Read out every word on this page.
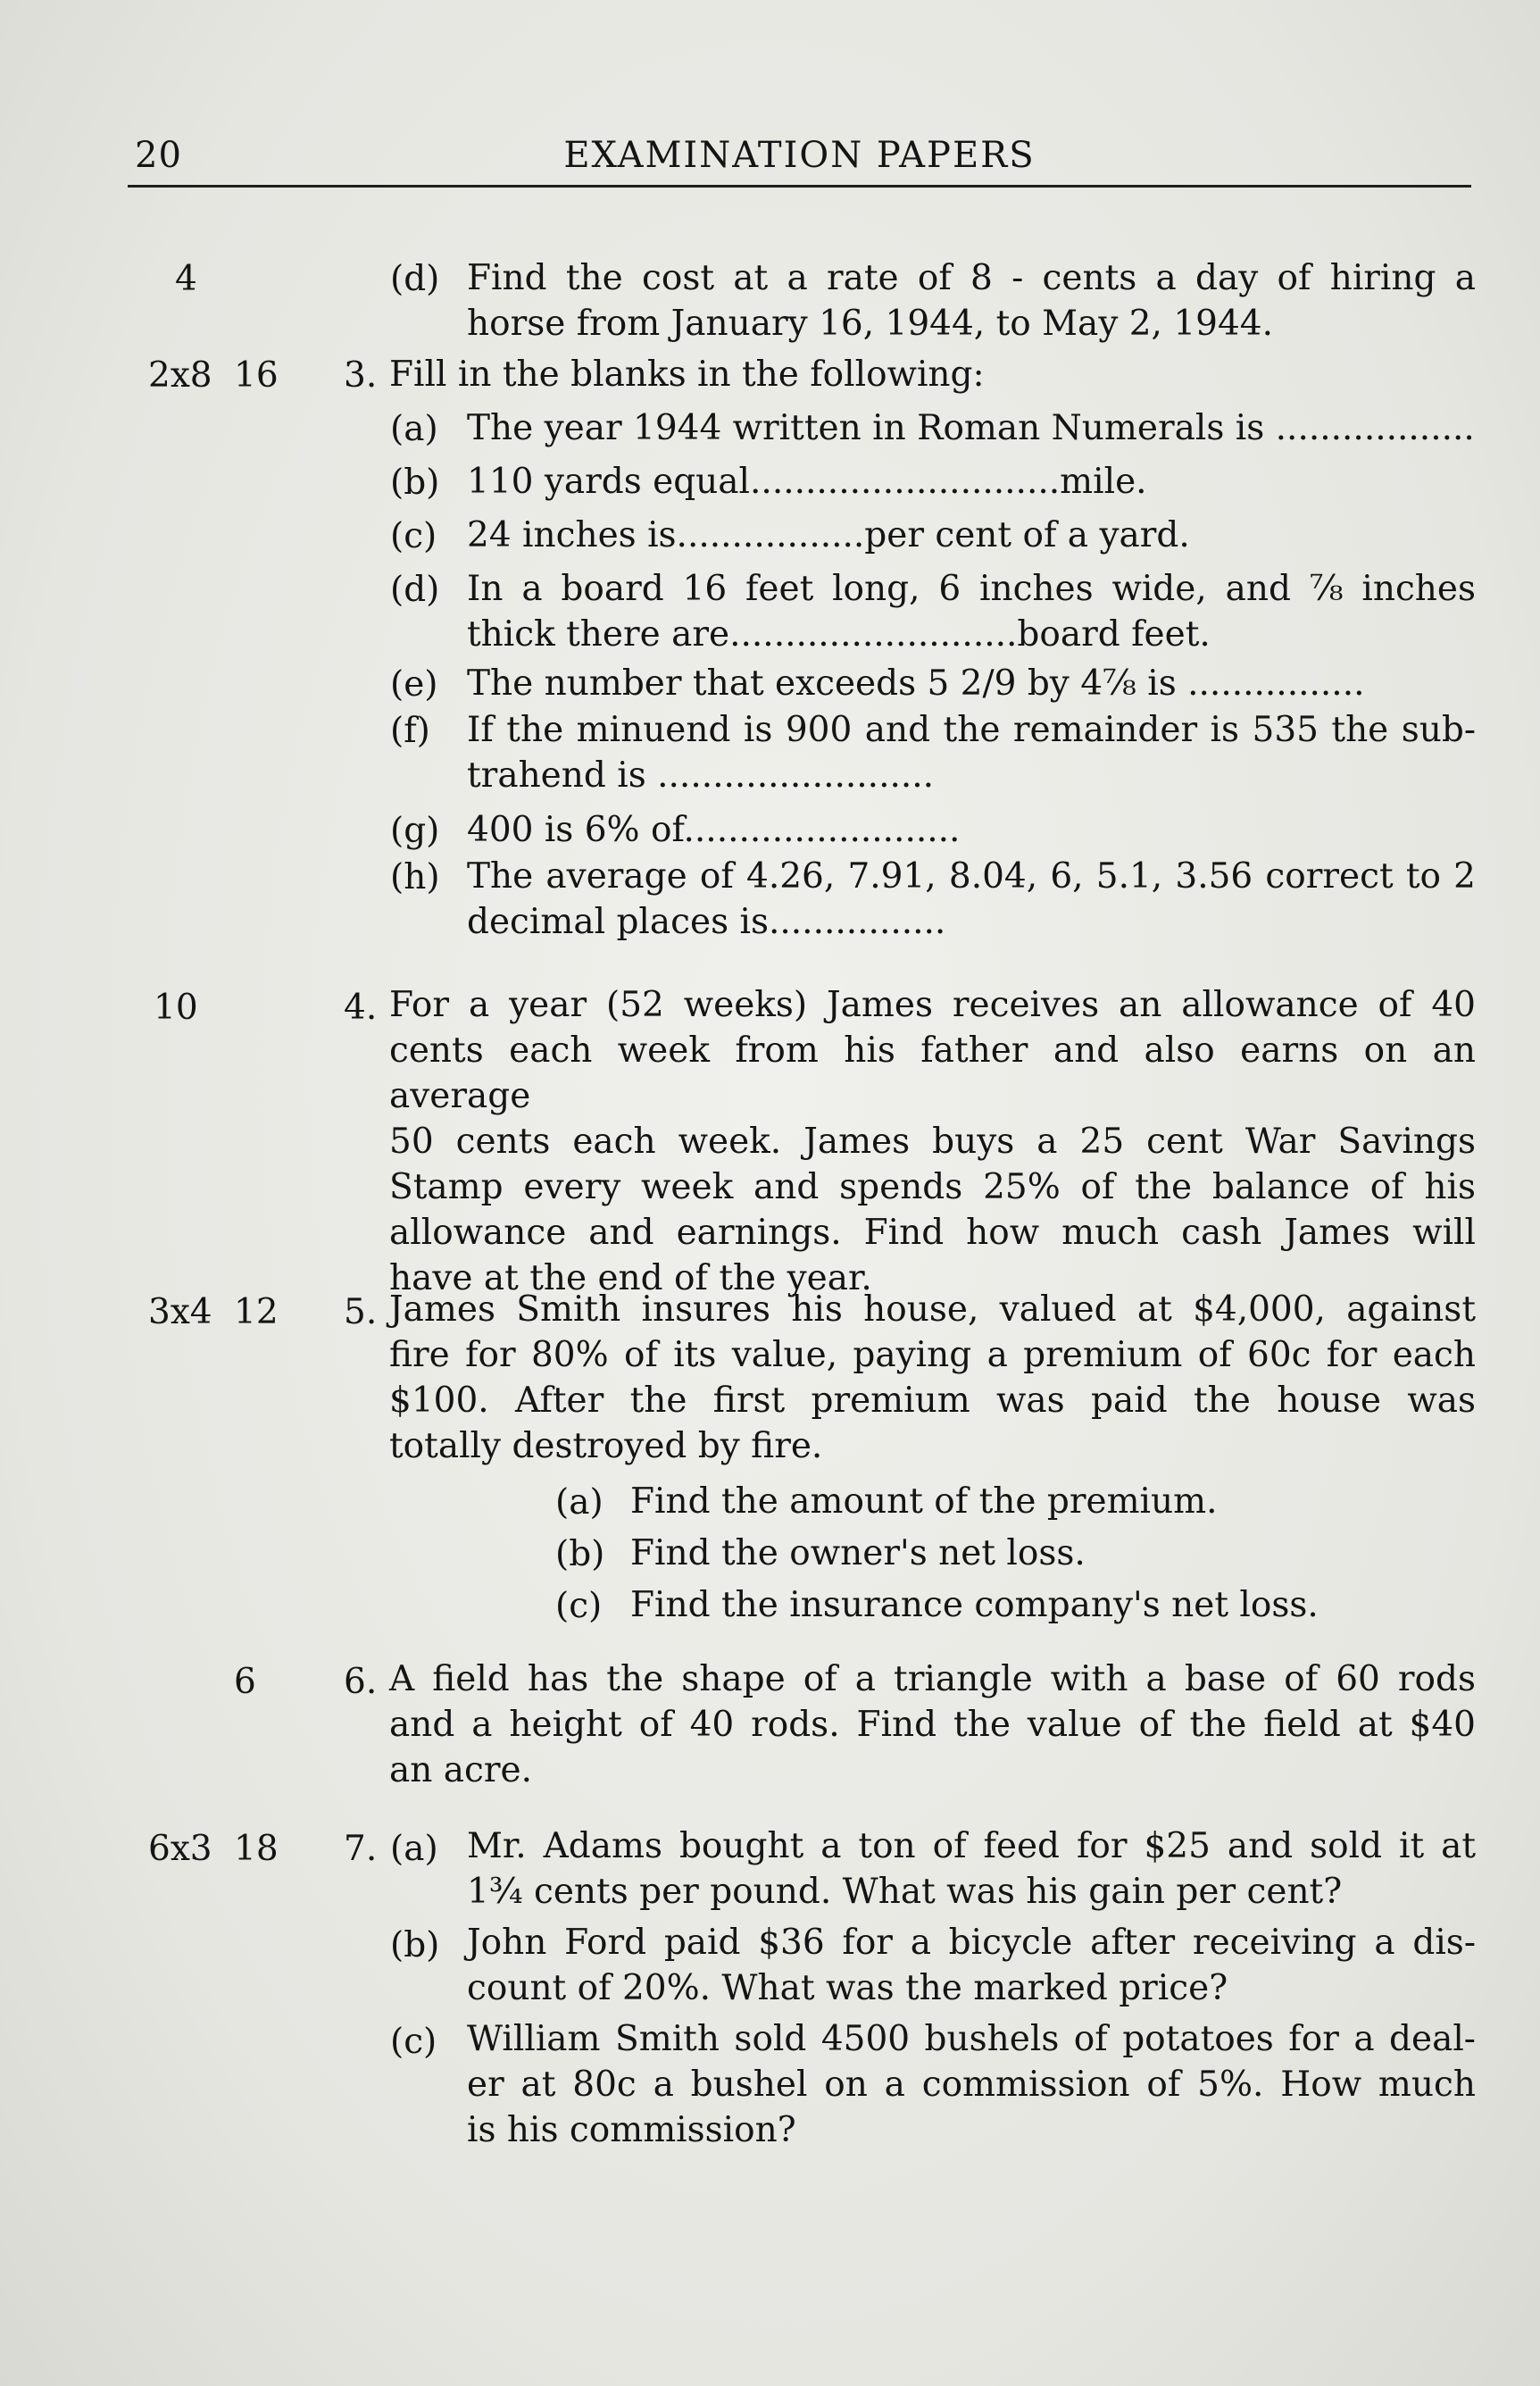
20	EXAMINATION PAPERS
4	(d) Find the cost at a rate of 8 - cents a day of hiring a
horse from January 16, 1944, to May 2, 1944.
2x8 16 3. Fill in the blanks in the following:
(a) The year 1944 written in Roman Numerals is ..................
(b) 110 yards equal............................mile.
(c) 24 inches is.................per cent of a yard.
(d) In a board 16 feet long, 6 inches wide, and ⅞ inches
thick there are..........................board feet.
(e) The number that exceeds 5 2/9 by 4⅞ is ................
(f) If the minuend is 900 and the remainder is 535 the sub-
trahend is .........................
(g) 400 is 6% of.........................
(h) The average of 4.26, 7.91, 8.04, 6, 5.1, 3.56 correct to 2
decimal places is................
10	4. For a year (52 weeks) James receives an allowance of 40
cents each week from his father and also earns on an average
50 cents each week. James buys a 25 cent War Savings
Stamp every week and spends 25% of the balance of his
allowance and earnings. Find how much cash James will
have at the end of the year.
3x4 12 5. James Smith insures his house, valued at $4,000, against
fire for 80% of its value, paying a premium of 60c for each
$100. After the first premium was paid the house was
totally destroyed by fire.
(a) Find the amount of the premium.
(b) Find the owner's net loss.
(c) Find the insurance company's net loss.
6	6. A field has the shape of a triangle with a base of 60 rods
and a height of 40 rods. Find the value of the field at $40
an acre.
6x3 18 7. (a) Mr. Adams bought a ton of feed for $25 and sold it at
1¾ cents per pound. What was his gain per cent?
(b) John Ford paid $36 for a bicycle after receiving a dis-
count of 20%. What was the marked price?
(c) William Smith sold 4500 bushels of potatoes for a deal-
er at 80c a bushel on a commission of 5%. How much
is his commission?
